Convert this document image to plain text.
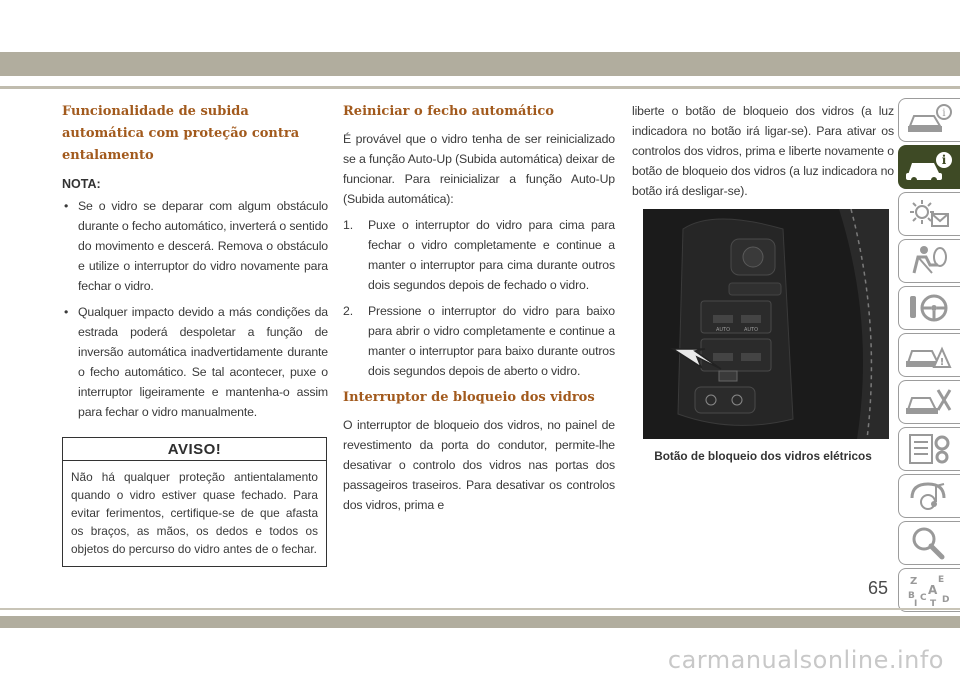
Funcionalidade de subida automática com proteção contra entalamento
NOTA:
• Se o vidro se deparar com algum obstáculo durante o fecho automático, inverterá o sentido do movimento e descerá. Remova o obstáculo e utilize o interruptor do vidro novamente para fechar o vidro.
• Qualquer impacto devido a más condições da estrada poderá despoletar a função de inversão automática inadvertidamente durante o fecho automático. Se tal acontecer, puxe o interruptor ligeiramente e mantenha-o assim para fechar o vidro manualmente.
AVISO!
Não há qualquer proteção antientalamento quando o vidro estiver quase fechado. Para evitar ferimentos, certifique-se de que afasta os braços, as mãos, os dedos e todos os objetos do percurso do vidro antes de o fechar.
Reiniciar o fecho automático

É provável que o vidro tenha de ser reinicializado se a função Auto-Up (Subida automática) deixar de funcionar. Para reinicializar a função Auto-Up (Subida automática):

1. Puxe o interruptor do vidro para cima para fechar o vidro completamente e continue a manter o interruptor para cima durante outros dois segundos depois de fechado o vidro.
2. Pressione o interruptor do vidro para baixo para abrir o vidro completamente e continue a manter o interruptor para baixo durante outros dois segundos depois de aberto o vidro.
Interruptor de bloqueio dos vidros

O interruptor de bloqueio dos vidros, no painel de revestimento da porta do condutor, permite-lhe desativar o controlo dos vidros nas portas dos passageiros traseiros. Para desativar os controlos dos vidros, prima e

liberte o botão de bloqueio dos vidros (a luz indicadora no botão irá ligar-se). Para ativar os controlos dos vidros, prima e liberte novamente o botão de bloqueio dos vidros (a luz indicadora no botão irá desligar-se).

AUTO	AUTO
Botão de bloqueio dos vidros elétricos
i
i
!
Z E
A
B
I
C
T D
65
carmanualsonline.info
